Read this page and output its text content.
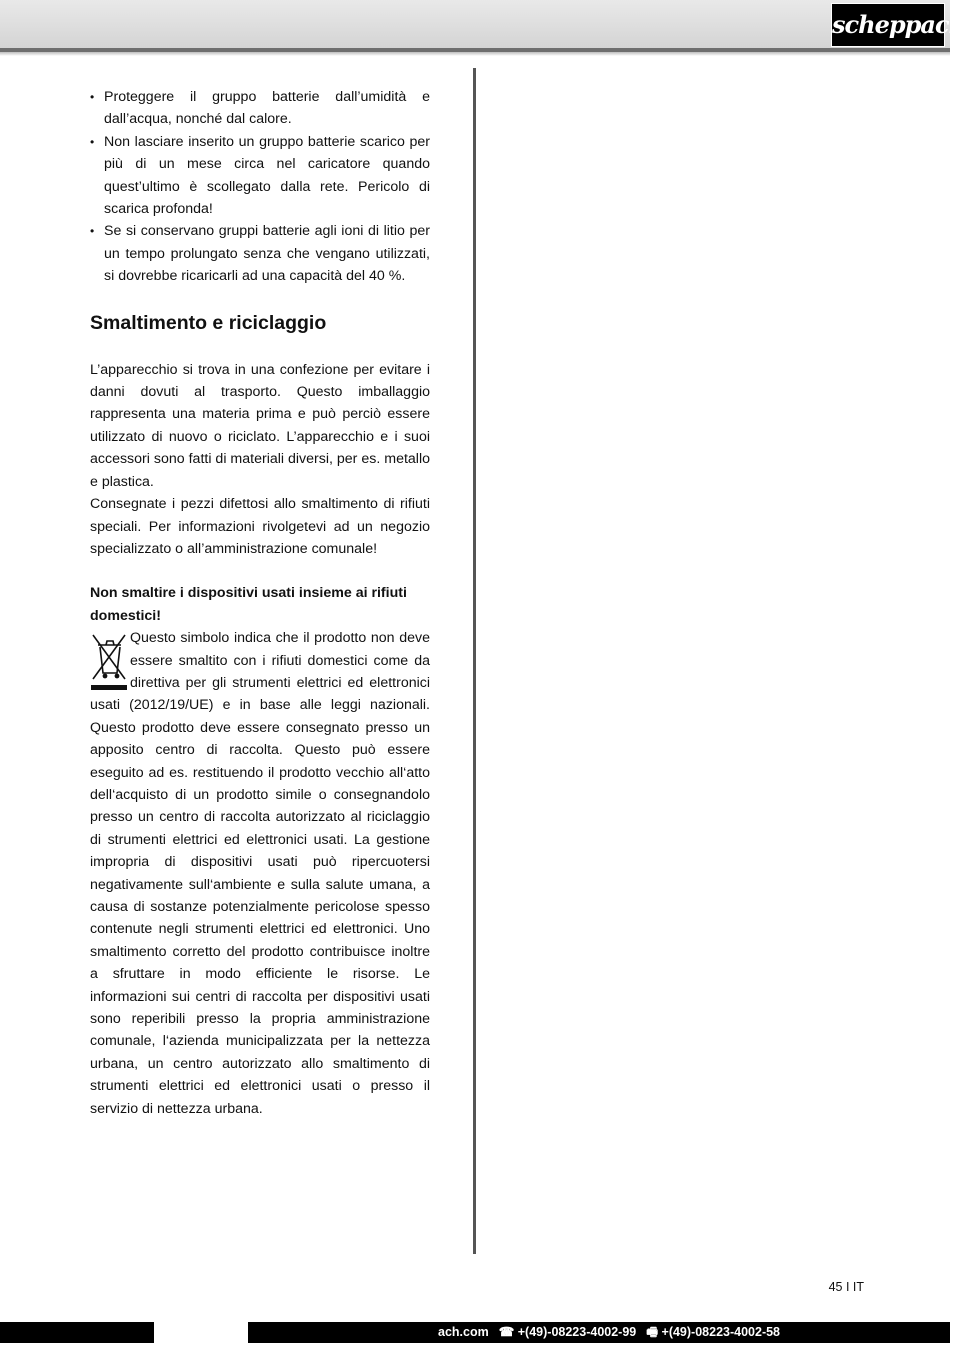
scheppach
• Proteggere il gruppo batterie dall’umidità e dall’acqua, nonché dal calore.
• Non lasciare inserito un gruppo batterie scarico per più di un mese circa nel caricatore quando quest’ultimo è scollegato dalla rete. Pericolo di scarica profonda!
• Se si conservano gruppi batterie agli ioni di litio per un tempo prolungato senza che vengano utilizzati, si dovrebbe ricaricarli ad una capacità del 40 %.
Smaltimento e riciclaggio

L’apparecchio si trova in una confezione per evitare i danni dovuti al trasporto. Questo imballaggio rappresenta una materia prima e può perciò essere utilizzato di nuovo o riciclato. L’apparecchio e i suoi accessori sono fatti di materiali diversi, per es. metallo e plastica.

Consegnate i pezzi difettosi allo smaltimento di rifiuti speciali. Per informazioni rivolgetevi ad un negozio specializzato o all’amministrazione comunale!

Non smaltire i dispositivi usati insieme ai rifiuti domestici!

Questo simbolo indica che il prodotto non deve essere smaltito con i rifiuti domestici come da direttiva per gli strumenti elettrici ed elettronici usati (2012/19/UE) e in base alle leggi nazionali. Questo prodotto deve essere consegnato presso un apposito centro di raccolta. Questo può essere eseguito ad es. restituendo il prodotto vecchio all‘atto dell‘acquisto di un prodotto simile o consegnandolo presso un centro di raccolta autorizzato al riciclaggio di strumenti elettrici ed elettronici usati. La gestione impropria di dispositivi usati può ripercuotersi negativamente sull‘ambiente e sulla salute umana, a causa di sostanze potenzialmente pericolose spesso contenute negli strumenti elettrici ed elettronici. Uno smaltimento corretto del prodotto contribuisce inoltre a sfruttare in modo efficiente le risorse. Le informazioni sui centri di raccolta per dispositivi usati sono reperibili presso la propria amministrazione comunale, l‘azienda municipalizzata per la nettezza urbana, un centro autorizzato allo smaltimento di strumenti elettrici ed elettronici usati o presso il servizio di nettezza urbana.

45 I IT
ach.com ☎ +(49)-08223-4002-99 🖷 +(49)-08223-4002-58
